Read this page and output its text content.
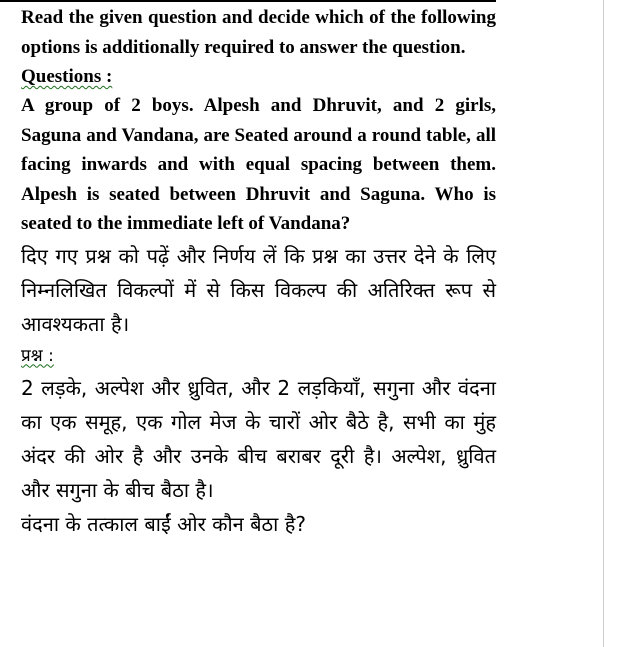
Read the given question and decide which of the following options is additionally required to answer the question.

Questions :

A group of 2 boys. Alpesh and Dhruvit, and 2 girls, Saguna and Vandana, are Seated around a round table, all facing inwards and with equal spacing between them. Alpesh is seated between Dhruvit and Saguna. Who is seated to the immediate left of Vandana?

दिए गए प्रश्न को पढ़ें और निर्णय लें कि प्रश्न का उत्तर देने के लिए निम्नलिखित विकल्पों में से किस विकल्प की अतिरिक्त रूप से आवश्यकता है।

प्रश्न :

2 लड़के, अल्पेश और ध्रुवित, और 2 लड़कियाँ, सगुना और वंदना का एक समूह, एक गोल मेज के चारों ओर बैठे है, सभी का मुंह अंदर की ओर है और उनके बीच बराबर दूरी है। अल्पेश, ध्रुवित और सगुना के बीच बैठा है।

वंदना के तत्काल बाईं ओर कौन बैठा है?
